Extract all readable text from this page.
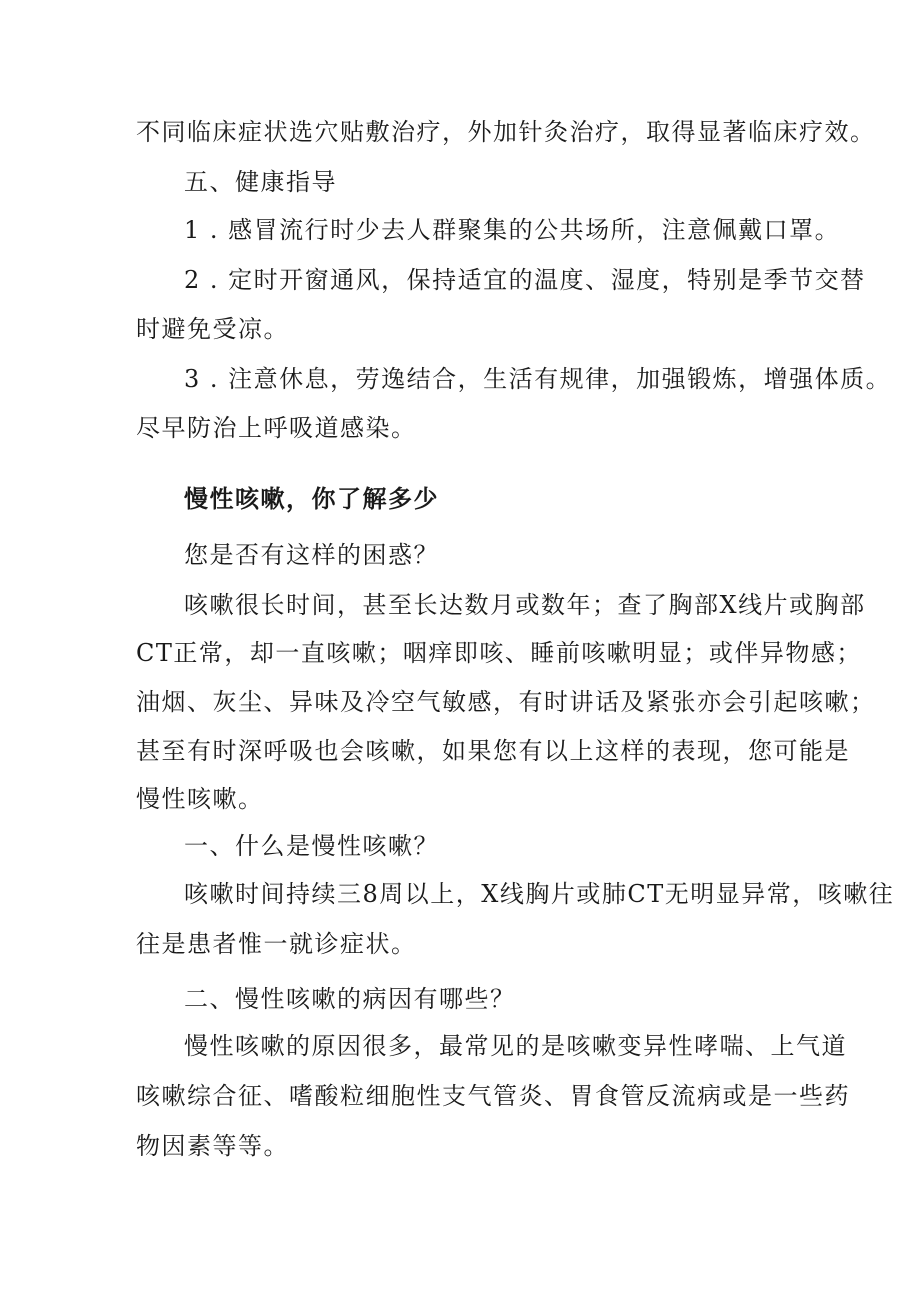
不同临床症状选穴贴敷治疗，外加针灸治疗，取得显著临床疗效。
五、健康指导
1 . 感冒流行时少去人群聚集的公共场所，注意佩戴口罩。
2 . 定时开窗通风，保持适宜的温度、湿度，特别是季节交替
时避免受凉。
3 . 注意休息，劳逸结合，生活有规律，加强锻炼，增强体质。
尽早防治上呼吸道感染。
慢性咳嗽，你了解多少
您是否有这样的困惑？
咳嗽很长时间，甚至长达数月或数年；查了胸部X线片或胸部
CT正常，却一直咳嗽；咽痒即咳、睡前咳嗽明显；或伴异物感；
油烟、灰尘、异味及冷空气敏感，有时讲话及紧张亦会引起咳嗽；
甚至有时深呼吸也会咳嗽，如果您有以上这样的表现，您可能是
慢性咳嗽。
一、什么是慢性咳嗽？
咳嗽时间持续三8周以上，X线胸片或肺CT无明显异常，咳嗽往
往是患者惟一就诊症状。
二、慢性咳嗽的病因有哪些？
慢性咳嗽的原因很多，最常见的是咳嗽变异性哮喘、上气道
咳嗽综合征、嗜酸粒细胞性支气管炎、胃食管反流病或是一些药
物因素等等。
